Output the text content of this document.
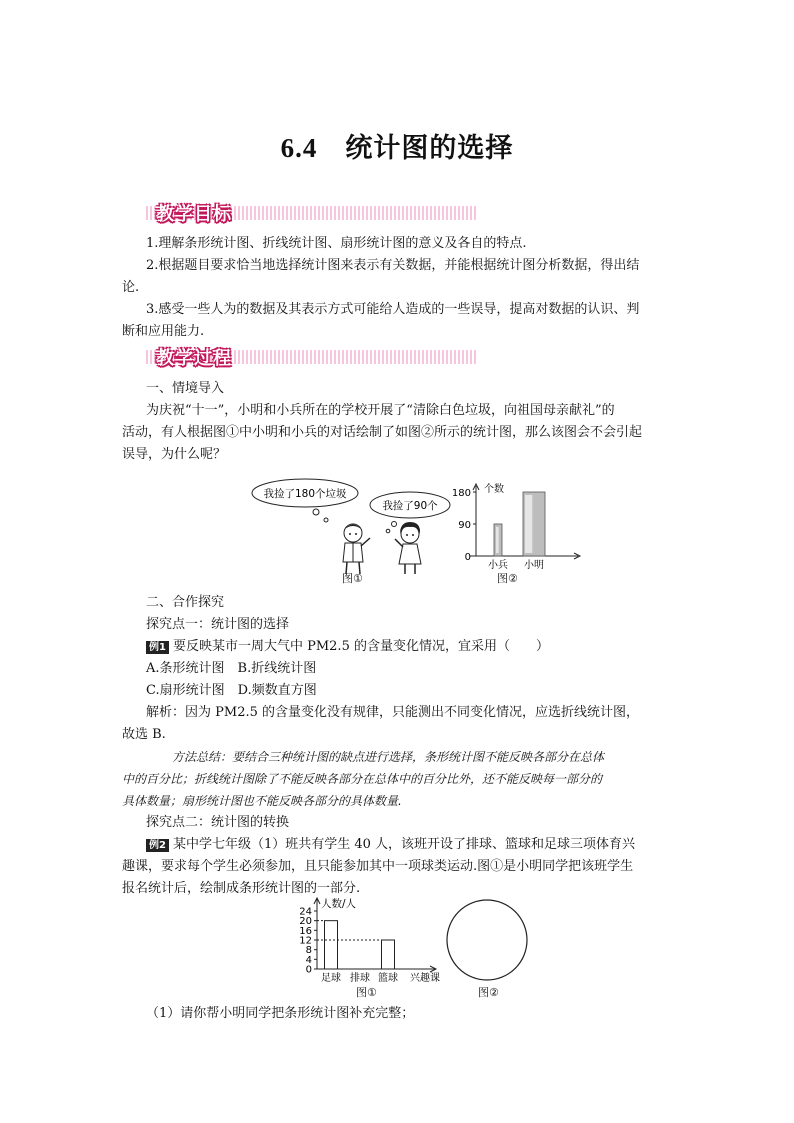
6.4 统计图的选择
教学目标
1.理解条形统计图、折线统计图、扇形统计图的意义及各自的特点.
2.根据题目要求恰当地选择统计图来表示有关数据，并能根据统计图分析数据，得出结
论.
3.感受一些人为的数据及其表示方式可能给人造成的一些误导，提高对数据的认识、判
断和应用能力.
教学过程
一、情境导入
为庆祝“十一”，小明和小兵所在的学校开展了“清除白色垃圾，向祖国母亲献礼”的
活动，有人根据图①中小明和小兵的对话绘制了如图②所示的统计图，那么该图会不会引起
误导，为什么呢？
我捡了180个垃圾
我捡了90个
图①
个数
180
90
0
小兵 小明
图②
二、合作探究
探究点一：统计图的选择
例1 要反映某市一周大气中 PM2.5 的含量变化情况，宜采用（　　）
A.条形统计图　B.折线统计图
C.扇形统计图　D.频数直方图
解析：因为 PM2.5 的含量变化没有规律，只能测出不同变化情况，应选折线统计图，
故选 B.
方法总结：要结合三种统计图的缺点进行选择，条形统计图不能反映各部分在总体
中的百分比；折线统计图除了不能反映各部分在总体中的百分比外，还不能反映每一部分的
具体数量；扇形统计图也不能反映各部分的具体数量.
探究点二：统计图的转换
例2 某中学七年级（1）班共有学生 40 人，该班开设了排球、篮球和足球三项体育兴
趣课，要求每个学生必须参加，且只能参加其中一项球类运动.图①是小明同学把该班学生
报名统计后，绘制成条形统计图的一部分.
人数/人
兴趣课
0
4
8
12
16
20
24
足球 排球 篮球
图①	图②
（1）请你帮小明同学把条形统计图补充完整；
